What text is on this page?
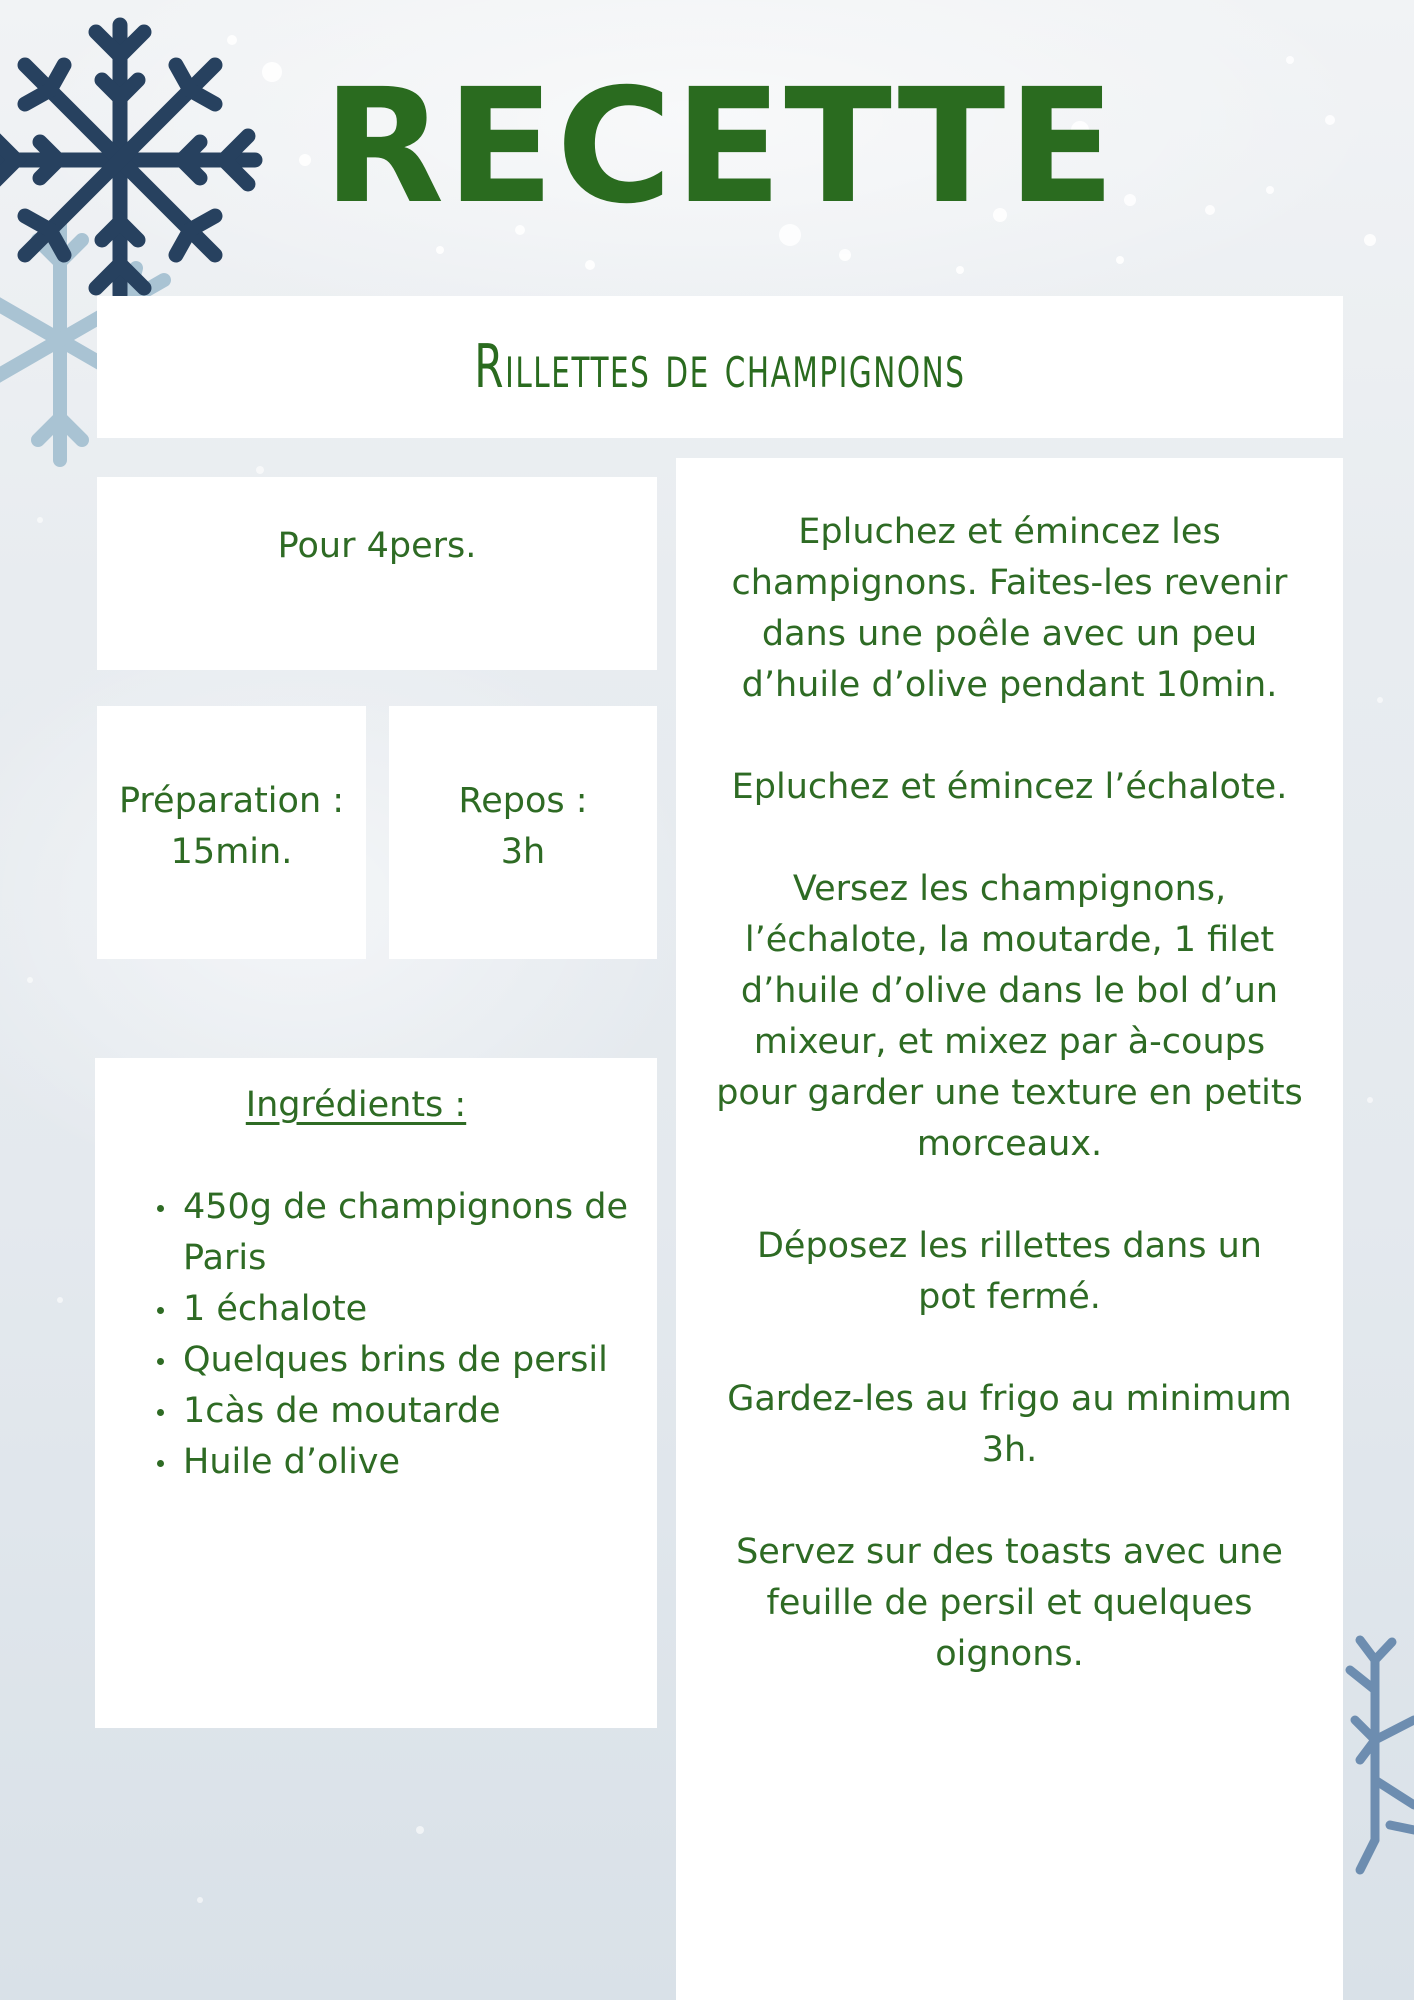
RECETTE
Rillettes de champignons
Pour 4pers.
Préparation :
15min.
Repos :
3h
Ingrédients :
450g de champignons de Paris
1 échalote
Quelques brins de persil
1càs de moutarde
Huile d’olive

Epluchez et émincez les champignons. Faites-les revenir dans une poêle avec un peu d’huile d’olive pendant 10min.

Epluchez et émincez l’échalote.

Versez les champignons, l’échalote, la moutarde, 1 filet d’huile d’olive dans le bol d’un mixeur, et mixez par à-coups pour garder une texture en petits morceaux.

Déposez les rillettes dans un pot fermé.

Gardez-les au frigo au minimum 3h.

Servez sur des toasts avec une feuille de persil et quelques oignons.
